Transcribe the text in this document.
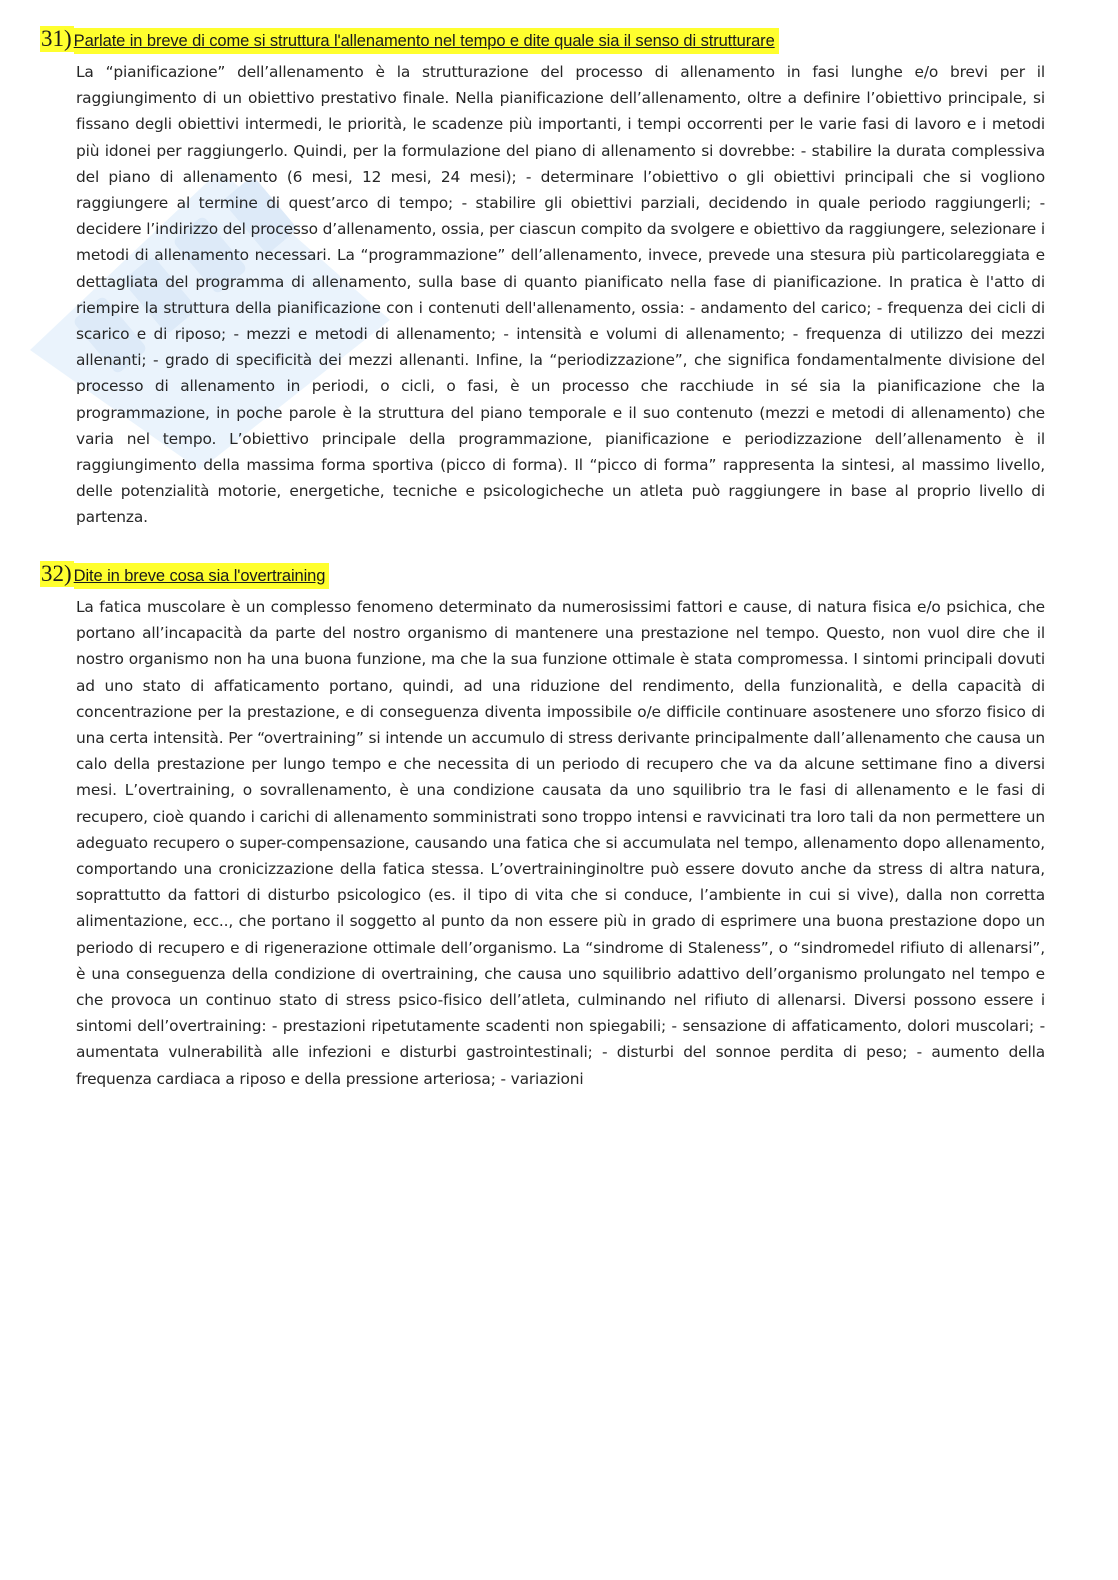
31) Parlate in breve di come si struttura l'allenamento nel tempo e dite quale sia il senso di strutturare

La “pianificazione” dell’allenamento è la strutturazione del processo di allenamento in fasi lunghe e/o brevi per il raggiungimento di un obiettivo prestativo finale. Nella pianificazione dell’allenamento, oltre a definire l’obiettivo principale, si fissano degli obiettivi intermedi, le priorità, le scadenze più importanti, i tempi occorrenti per le varie fasi di lavoro e i metodi più idonei per raggiungerlo. Quindi, per la formulazione del piano di allenamento si dovrebbe: - stabilire la durata complessiva del piano di allenamento (6 mesi, 12 mesi, 24 mesi); - determinare l’obiettivo o gli obiettivi principali che si vogliono raggiungere al termine di quest’arco di tempo; - stabilire gli obiettivi parziali, decidendo in quale periodo raggiungerli; - decidere l’indirizzo del processo d’allenamento, ossia, per ciascun compito da svolgere e obiettivo da raggiungere, selezionare i metodi di allenamento necessari. La “programmazione” dell’allenamento, invece, prevede una stesura più particolareggiata e dettagliata del programma di allenamento, sulla base di quanto pianificato nella fase di pianificazione. In pratica è l'atto di riempire la struttura della pianificazione con i contenuti dell'allenamento, ossia: - andamento del carico; - frequenza dei cicli di scarico e di riposo; - mezzi e metodi di allenamento; - intensità e volumi di allenamento; - frequenza di utilizzo dei mezzi allenanti; - grado di specificità dei mezzi allenanti. Infine, la “periodizzazione”, che significa fondamentalmente divisione del processo di allenamento in periodi, o cicli, o fasi, è un processo che racchiude in sé sia la pianificazione che la programmazione, in poche parole è la struttura del piano temporale e il suo contenuto (mezzi e metodi di allenamento) che varia nel tempo. L’obiettivo principale della programmazione, pianificazione e periodizzazione dell’allenamento è il raggiungimento della massima forma sportiva (picco di forma). Il “picco di forma” rappresenta la sintesi, al massimo livello, delle potenzialità motorie, energetiche, tecniche e psicologicheche un atleta può raggiungere in base al proprio livello di partenza.

32) Dite in breve cosa sia l'overtraining

La fatica muscolare è un complesso fenomeno determinato da numerosissimi fattori e cause, di natura fisica e/o psichica, che portano all’incapacità da parte del nostro organismo di mantenere una prestazione nel tempo. Questo, non vuol dire che il nostro organismo non ha una buona funzione, ma che la sua funzione ottimale è stata compromessa. I sintomi principali dovuti ad uno stato di affaticamento portano, quindi, ad una riduzione del rendimento, della funzionalità, e della capacità di concentrazione per la prestazione, e di conseguenza diventa impossibile o/e difficile continuare asostenere uno sforzo fisico di una certa intensità. Per “overtraining” si intende un accumulo di stress derivante principalmente dall’allenamento che causa un calo della prestazione per lungo tempo e che necessita di un periodo di recupero che va da alcune settimane fino a diversi mesi. L’overtraining, o sovrallenamento, è una condizione causata da uno squilibrio tra le fasi di allenamento e le fasi di recupero, cioè quando i carichi di allenamento somministrati sono troppo intensi e ravvicinati tra loro tali da non permettere un adeguato recupero o super-compensazione, causando una fatica che si accumulata nel tempo, allenamento dopo allenamento, comportando una cronicizzazione della fatica stessa. L’overtraininginoltre può essere dovuto anche da stress di altra natura, soprattutto da fattori di disturbo psicologico (es. il tipo di vita che si conduce, l’ambiente in cui si vive), dalla non corretta alimentazione, ecc.., che portano il soggetto al punto da non essere più in grado di esprimere una buona prestazione dopo un periodo di recupero e di rigenerazione ottimale dell’organismo. La “sindrome di Staleness”, o “sindromedel rifiuto di allenarsi”, è una conseguenza della condizione di overtraining, che causa uno squilibrio adattivo dell’organismo prolungato nel tempo e che provoca un continuo stato di stress psico-fisico dell’atleta, culminando nel rifiuto di allenarsi. Diversi possono essere i sintomi dell’overtraining: - prestazioni ripetutamente scadenti non spiegabili; - sensazione di affaticamento, dolori muscolari; - aumentata vulnerabilità alle infezioni e disturbi gastrointestinali; - disturbi del sonnoe perdita di peso; - aumento della frequenza cardiaca a riposo e della pressione arteriosa; - variazioni
